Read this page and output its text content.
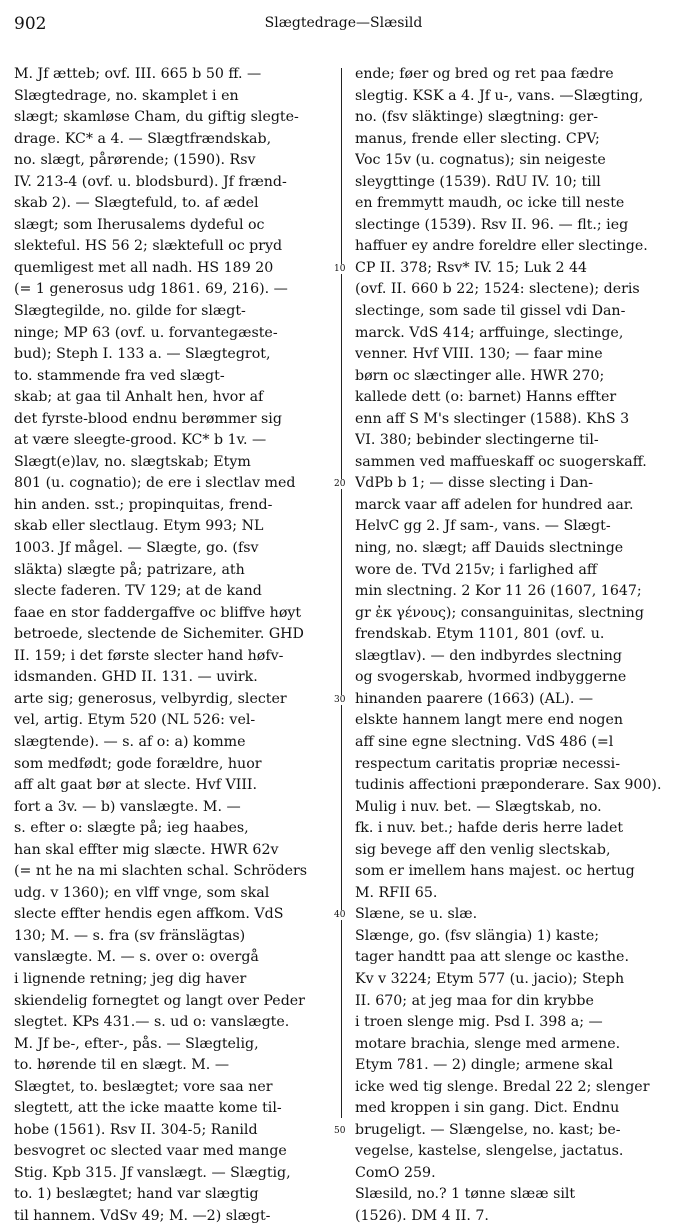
902	Slægtedrage—Slæsild
M. Jf ætteb; ovf. III. 665 b 50 ff. —
Slægtedrage, no. skamplet i en
slægt; skamløse Cham, du giftig slegte-
drage. KC* a 4. — Slægtfrændskab,
no. slægt, pårørende; (1590). Rsv
IV. 213-4 (ovf. u. blodsburd). Jf frænd-
skab 2). — Slægtefuld, to. af ædel
slægt; som Iherusalems dydeful oc
slekteful. HS 56 2; slæktefull oc pryd
quemligest met all nadh. HS 189 20
(= 1 generosus udg 1861. 69, 216). —
Slægtegilde, no. gilde for slægt-
ninge; MP 63 (ovf. u. forvantegæste-
bud); Steph I. 133 a. — Slægtegrot,
to. stammende fra ved slægt-
skab; at gaa til Anhalt hen, hvor af
det fyrste-blood endnu berømmer sig
at være sleegte-grood. KC* b 1v. —
Slægt(e)lav, no. slægtskab; Etym
801 (u. cognatio); de ere i slectlav med
hin anden. sst.; propinquitas, frend-
skab eller slectlaug. Etym 993; NL
1003. Jf mågel. — Slægte, go. (fsv
släkta) slægte på; patrizare, ath
slecte faderen. TV 129; at de kand
faae en stor faddergaffve oc bliffve høyt
betroede, slectende de Sichemiter. GHD
II. 159; i det første slecter hand høfv-
idsmanden. GHD II. 131. — uvirk.
arte sig; generosus, velbyrdig, slecter
vel, artig. Etym 520 (NL 526: vel-
slægtende). — s. af o: a) komme
som medfødt; gode forældre, huor
aff alt gaat bør at slecte. Hvf VIII.
fort a 3v. — b) vanslægte. M. —
s. efter o: slægte på; ieg haabes,
han skal effter mig slæcte. HWR 62v
(= nt he na mi slachten schal. Schröders
udg. v 1360); en vlff vnge, som skal
slecte effter hendis egen affkom. VdS
130; M. — s. fra (sv fränslägtas)
vanslægte. M. — s. over o: overgå
i lignende retning; jeg dig haver
skiendelig fornegtet og langt over Peder
slegtet. KPs 431.— s. ud o: vanslægte.
M. Jf be-, efter-, pås. — Slægtelig,
to. hørende til en slægt. M. —
Slægtet, to. beslægtet; vore saa ner
slegtett, att the icke maatte kome til-
hobe (1561). Rsv II. 304-5; Ranild
besvogret oc slected vaar med mange
Stig. Kpb 315. Jf vanslægt. — Slægtig,
to. 1) beslægtet; hand var slægtig
til hannem. VdSv 49; M. —2) slægt-
ende; føer og bred og ret paa fædre
slegtig. KSK a 4. Jf u-, vans. —Slægting,
no. (fsv släktinge) slægtning: ger-
manus, frende eller slecting. CPV;
Voc 15v (u. cognatus); sin neigeste
sleygttinge (1539). RdU IV. 10; till
en fremmytt maudh, oc icke till neste
slectinge (1539). Rsv II. 96. — flt.; ieg
haffuer ey andre foreldre eller slectinge.
CP II. 378; Rsv* IV. 15; Luk 2 44
(ovf. II. 660 b 22; 1524: slectene); deris
slectinge, som sade til gissel vdi Dan-
marck. VdS 414; arffuinge, slectinge,
venner. Hvf VIII. 130; — faar mine
børn oc slæctinger alle. HWR 270;
kallede dett (o: barnet) Hanns effter
enn aff S M's slectinger (1588). KhS 3
VI. 380; bebinder slectingerne til-
sammen ved maffueskaff oc suogerskaff.
VdPb b 1; — disse slecting i Dan-
marck vaar aff adelen for hundred aar.
HelvC gg 2. Jf sam-, vans. — Slægt-
ning, no. slægt; aff Dauids slectninge
wore de. TVd 215v; i farlighed aff
min slectning. 2 Kor 11 26 (1607, 1647;
gr ἐκ γένους); consanguinitas, slectning
frendskab. Etym 1101, 801 (ovf. u.
slægtlav). — den indbyrdes slectning
og svogerskab, hvormed indbyggerne
hinanden paarere (1663) (AL). —
elskte hannem langt mere end nogen
aff sine egne slectning. VdS 486 (=l
respectum caritatis propriæ necessi-
tudinis affectioni præponderare. Sax 900).
Mulig i nuv. bet. — Slægtskab, no.
fk. i nuv. bet.; hafde deris herre ladet
sig bevege aff den venlig slectskab,
som er imellem hans majest. oc hertug
M. RFII 65.
Slæne, se u. slæ.
Slænge, go. (fsv slängia) 1) kaste;
tager handtt paa att slenge oc kasthe.
Kv v 3224; Etym 577 (u. jacio); Steph
II. 670; at jeg maa for din krybbe
i troen slenge mig. Psd I. 398 a; —
motare brachia, slenge med armene.
Etym 781. — 2) dingle; armene skal
icke wed tig slenge. Bredal 22 2; slenger
med kroppen i sin gang. Dict. Endnu
brugeligt. — Slængelse, no. kast; be-
vegelse, kastelse, slengelse, jactatus.
ComO 259.
Slæsild, no.? 1 tønne slææ silt
(1526). DM 4 II. 7.
10
20
30
40
50
